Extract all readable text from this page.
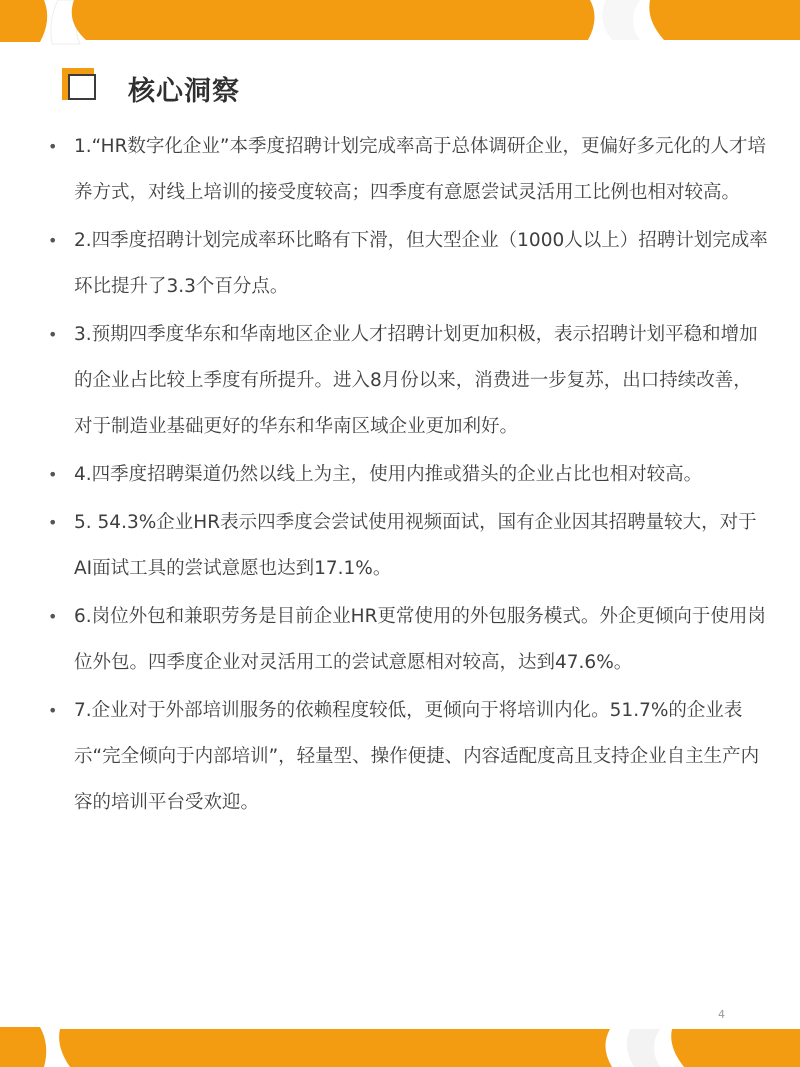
核心洞察
• 1.“HR数字化企业”本季度招聘计划完成率高于总体调研企业，更偏好多元化的人才培养方式，对线上培训的接受度较高；四季度有意愿尝试灵活用工比例也相对较高。
• 2.四季度招聘计划完成率环比略有下滑，但大型企业（1000人以上）招聘计划完成率环比提升了3.3个百分点。
• 3.预期四季度华东和华南地区企业人才招聘计划更加积极，表示招聘计划平稳和增加的企业占比较上季度有所提升。进入8月份以来，消费进一步复苏，出口持续改善，对于制造业基础更好的华东和华南区域企业更加利好。
• 4.四季度招聘渠道仍然以线上为主，使用内推或猎头的企业占比也相对较高。
• 5. 54.3%企业HR表示四季度会尝试使用视频面试，国有企业因其招聘量较大，对于AI面试工具的尝试意愿也达到17.1%。
• 6.岗位外包和兼职劳务是目前企业HR更常使用的外包服务模式。外企更倾向于使用岗位外包。四季度企业对灵活用工的尝试意愿相对较高，达到47.6%。
• 7.企业对于外部培训服务的依赖程度较低，更倾向于将培训内化。51.7%的企业表示“完全倾向于内部培训”，轻量型、操作便捷、内容适配度高且支持企业自主生产内容的培训平台受欢迎。
4
